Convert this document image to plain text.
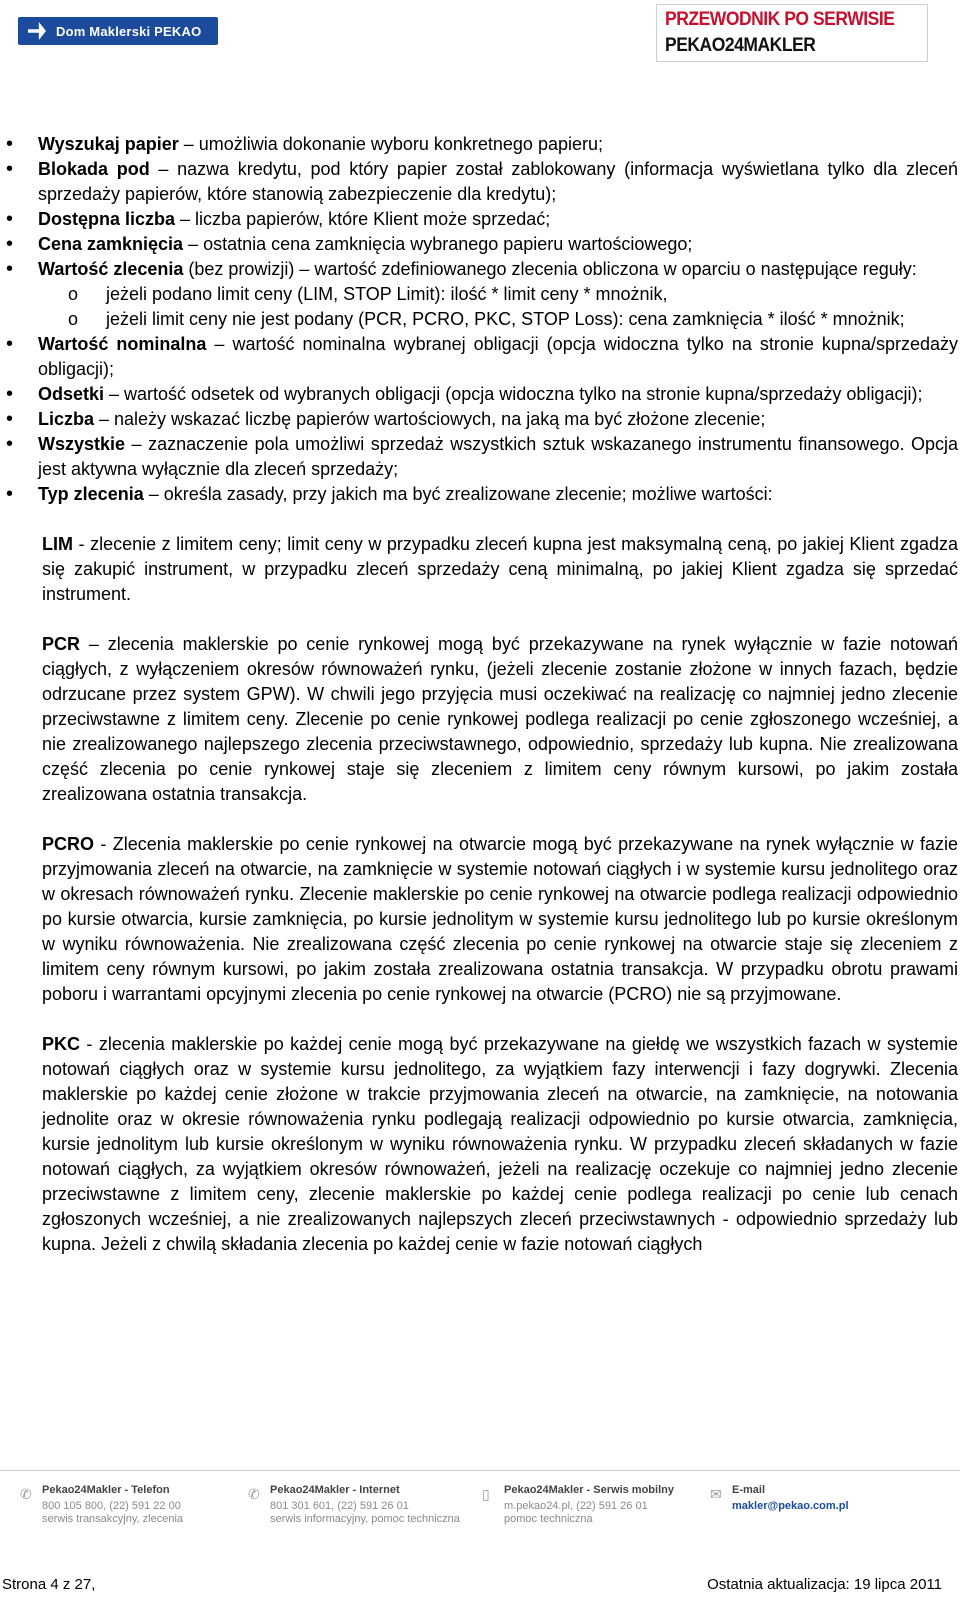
Dom Maklerski PEKAO
PRZEWODNIK PO SERWISIE
PEKAO24MAKLER
• Wyszukaj papier – umożliwia dokonanie wyboru konkretnego papieru;
• Blokada pod – nazwa kredytu, pod który papier został zablokowany (informacja wyświetlana tylko dla zleceń sprzedaży papierów, które stanowią zabezpieczenie dla kredytu);
• Dostępna liczba – liczba papierów, które Klient może sprzedać;
• Cena zamknięcia – ostatnia cena zamknięcia wybranego papieru wartościowego;
• Wartość zlecenia (bez prowizji) – wartość zdefiniowanego zlecenia obliczona w oparciu o następujące reguły:
o jeżeli podano limit ceny (LIM, STOP Limit): ilość * limit ceny * mnożnik,
o jeżeli limit ceny nie jest podany (PCR, PCRO, PKC, STOP Loss): cena zamknięcia * ilość * mnożnik;
• Wartość nominalna – wartość nominalna wybranej obligacji (opcja widoczna tylko na stronie kupna/sprzedaży obligacji);
• Odsetki – wartość odsetek od wybranych obligacji (opcja widoczna tylko na stronie kupna/sprzedaży obligacji);
• Liczba – należy wskazać liczbę papierów wartościowych, na jaką ma być złożone zlecenie;
• Wszystkie – zaznaczenie pola umożliwi sprzedaż wszystkich sztuk wskazanego instrumentu finansowego. Opcja jest aktywna wyłącznie dla zleceń sprzedaży;
• Typ zlecenia – określa zasady, przy jakich ma być zrealizowane zlecenie; możliwe wartości:

LIM - zlecenie z limitem ceny; limit ceny w przypadku zleceń kupna jest maksymalną ceną, po jakiej Klient zgadza się zakupić instrument, w przypadku zleceń sprzedaży ceną minimalną, po jakiej Klient zgadza się sprzedać instrument.

PCR – zlecenia maklerskie po cenie rynkowej mogą być przekazywane na rynek wyłącznie w fazie notowań ciągłych, z wyłączeniem okresów równoważeń rynku, (jeżeli zlecenie zostanie złożone w innych fazach, będzie odrzucane przez system GPW). W chwili jego przyjęcia musi oczekiwać na realizację co najmniej jedno zlecenie przeciwstawne z limitem ceny. Zlecenie po cenie rynkowej podlega realizacji po cenie zgłoszonego wcześniej, a nie zrealizowanego najlepszego zlecenia przeciwstawnego, odpowiednio, sprzedaży lub kupna. Nie zrealizowana część zlecenia po cenie rynkowej staje się zleceniem z limitem ceny równym kursowi, po jakim została zrealizowana ostatnia transakcja.

PCRO - Zlecenia maklerskie po cenie rynkowej na otwarcie mogą być przekazywane na rynek wyłącznie w fazie przyjmowania zleceń na otwarcie, na zamknięcie w systemie notowań ciągłych i w systemie kursu jednolitego oraz w okresach równoważeń rynku. Zlecenie maklerskie po cenie rynkowej na otwarcie podlega realizacji odpowiednio po kursie otwarcia, kursie zamknięcia, po kursie jednolitym w systemie kursu jednolitego lub po kursie określonym w wyniku równoważenia. Nie zrealizowana część zlecenia po cenie rynkowej na otwarcie staje się zleceniem z limitem ceny równym kursowi, po jakim została zrealizowana ostatnia transakcja. W przypadku obrotu prawami poboru i warrantami opcyjnymi zlecenia po cenie rynkowej na otwarcie (PCRO) nie są przyjmowane.

PKC - zlecenia maklerskie po każdej cenie mogą być przekazywane na giełdę we wszystkich fazach w systemie notowań ciągłych oraz w systemie kursu jednolitego, za wyjątkiem fazy interwencji i fazy dogrywki. Zlecenia maklerskie po każdej cenie złożone w trakcie przyjmowania zleceń na otwarcie, na zamknięcie, na notowania jednolite oraz w okresie równoważenia rynku podlegają realizacji odpowiednio po kursie otwarcia, zamknięcia, kursie jednolitym lub kursie określonym w wyniku równoważenia rynku. W przypadku zleceń składanych w fazie notowań ciągłych, za wyjątkiem okresów równoważeń, jeżeli na realizację oczekuje co najmniej jedno zlecenie przeciwstawne z limitem ceny, zlecenie maklerskie po każdej cenie podlega realizacji po cenie lub cenach zgłoszonych wcześniej, a nie zrealizowanych najlepszych zleceń przeciwstawnych - odpowiednio sprzedaży lub kupna. Jeżeli z chwilą składania zlecenia po każdej cenie w fazie notowań ciągłych

✆ Pekao24Makler - Telefon
800 105 800, (22) 591 22 00
serwis transakcyjny, zlecenia
✆ Pekao24Makler - Internet
801 301 601, (22) 591 26 01
serwis informacyjny, pomoc techniczna
▯ Pekao24Makler - Serwis mobilny
m.pekao24.pl, (22) 591 26 01
pomoc techniczna
✉ E-mail
makler@pekao.com.pl
Strona 4 z 27,	Ostatnia aktualizacja: 19 lipca 2011
